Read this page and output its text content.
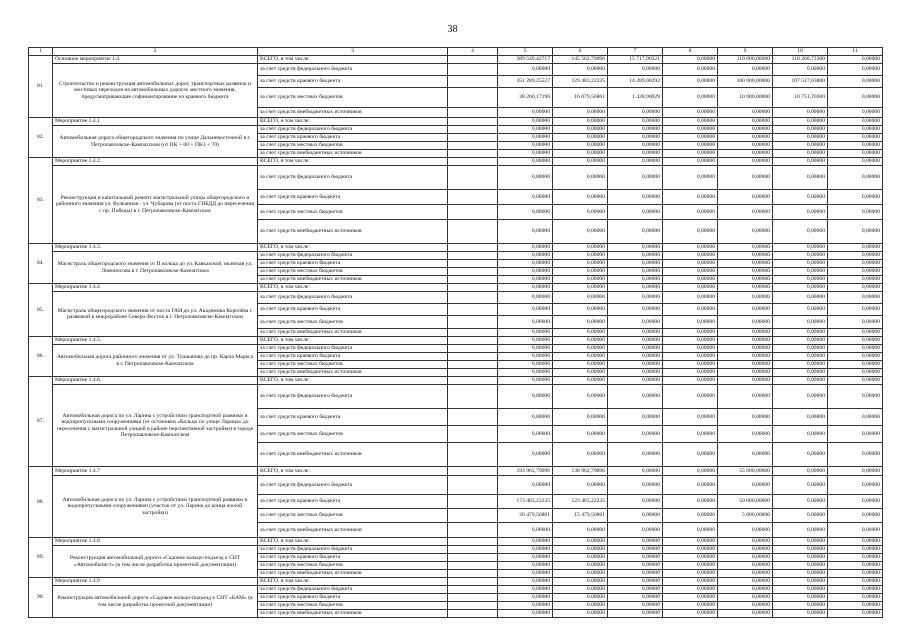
38
1	2	3	4	5	6	7	8	9	10	11
81.	Основное мероприятие 1.4.	ВСЕГО, в том числе:		389 549,42717	145 562,79096	15 717,90321	0,00000	110 000,00000	118 268,73300	0,00000
	Строительство и реконструкция автомобильных дорог, транспортных развязок и мостовых переходов на автомобильных дорогах местного значения, предусматривающие софинансирование из краевого бюджета	за счет средств федерального бюджета		0,00000	0,00000	0,00000	0,00000	0,00000	0,00000	0,00000
		за счет средств краевого бюджета		351 289,25527	129 483,22235	14 289,00292	0,00000	100 000,00000	107 517,03000	0,00000
		за счет средств местных бюджетов		38 260,17190	16 079,56861	1 428,90029	0,00000	10 000,00000	10 751,70300	0,00000
		за счет средств внебюджетных источников		0,00000	0,00000	0,00000	0,00000	0,00000	0,00000	0,00000
82.	Мероприятие 1.4.1	ВСЕГО, в том числе:		0,00000	0,00000	0,00000	0,00000	0,00000	0,00000	0,00000
	Автомобильная дорога общегородского значения по улице Дальневосточной в г. Петропавловске-Камчатском (от ПК + 00 + ПК3 + 70)	за счет средств федерального бюджета		0,00000	0,00000	0,00000	0,00000	0,00000	0,00000	0,00000
		за счет средств краевого бюджета		0,00000	0,00000	0,00000	0,00000	0,00000	0,00000	0,00000
		за счет средств местных бюджетов		0,00000	0,00000	0,00000	0,00000	0,00000	0,00000	0,00000
		за счет средств внебюджетных источников		0,00000	0,00000	0,00000	0,00000	0,00000	0,00000	0,00000
83.	Мероприятие 1.4.2.	ВСЕГО, в том числе:		0,00000	0,00000	0,00000	0,00000	0,00000	0,00000	0,00000
	Реконструкция и капитальный ремонт магистральной улицы общегородского и районного значения ул. Вулканная - ул. Чубарова (от поста ГИБДД до пересечения с пр. Победы) в г. Петропавловске-Камчатском	за счет средств федерального бюджета		0,00000	0,00000	0,00000	0,00000	0,00000	0,00000	0,00000
		за счет средств краевого бюджета		0,00000	0,00000	0,00000	0,00000	0,00000	0,00000	0,00000
		за счет средств местных бюджетов		0,00000	0,00000	0,00000	0,00000	0,00000	0,00000	0,00000
		за счет средств внебюджетных источников		0,00000	0,00000	0,00000	0,00000	0,00000	0,00000	0,00000
84.	Мероприятие 1.4.3.	ВСЕГО, в том числе:		0,00000	0,00000	0,00000	0,00000	0,00000	0,00000	0,00000
	Магистраль общегородского значения от П кольца до ул. Кавказской, включая ул. Ломоносова в г. Петропавловске-Камчатском	за счет средств федерального бюджета		0,00000	0,00000	0,00000	0,00000	0,00000	0,00000	0,00000
		за счет средств краевого бюджета		0,00000	0,00000	0,00000	0,00000	0,00000	0,00000	0,00000
		за счет средств местных бюджетов		0,00000	0,00000	0,00000	0,00000	0,00000	0,00000	0,00000
		за счет средств внебюджетных источников		0,00000	0,00000	0,00000	0,00000	0,00000	0,00000	0,00000
85.	Мероприятие 1.4.4	ВСЕГО, в том числе:		0,00000	0,00000	0,00000	0,00000	0,00000	0,00000	0,00000
	Магистраль общегородского значения от поста ГАИ до ул. Академика Королёва с развязкой в микрорайоне Северо-Восток в г. Петропавловске-Камчатском	за счет средств федерального бюджета		0,00000	0,00000	0,00000	0,00000	0,00000	0,00000	0,00000
		за счет средств краевого бюджета		0,00000	0,00000	0,00000	0,00000	0,00000	0,00000	0,00000
		за счет средств местных бюджетов		0,00000	0,00000	0,00000	0,00000	0,00000	0,00000	0,00000
		за счет средств внебюджетных источников		0,00000	0,00000	0,00000	0,00000	0,00000	0,00000	0,00000
86.	Мероприятие 1.4.5.	ВСЕГО, в том числе:		0,00000	0,00000	0,00000	0,00000	0,00000	0,00000	0,00000
	Автомобильная дорога районного значения от ул. Тушканова до пр. Карла Маркса в г. Петропавловске-Камчатском	за счет средств федерального бюджета		0,00000	0,00000	0,00000	0,00000	0,00000	0,00000	0,00000
		за счет средств краевого бюджета		0,00000	0,00000	0,00000	0,00000	0,00000	0,00000	0,00000
		за счет средств местных бюджетов		0,00000	0,00000	0,00000	0,00000	0,00000	0,00000	0,00000
		за счет средств внебюджетных источников		0,00000	0,00000	0,00000	0,00000	0,00000	0,00000	0,00000
87.	Мероприятие 1.4.6.	ВСЕГО, в том числе:		0,00000	0,00000	0,00000	0,00000	0,00000	0,00000	0,00000
	Автомобильная дорога по ул. Ларина с устройством транспортной развязки и водопропускными сооружениями (от остановки «Кольцо по улице Ларина» до пересечения с магистральной улицей в районе перспективной застройки) в городе Петропавловске-Камчатском	за счет средств федерального бюджета		0,00000	0,00000	0,00000	0,00000	0,00000	0,00000	0,00000
		за счет средств краевого бюджета		0,00000	0,00000	0,00000	0,00000	0,00000	0,00000	0,00000
		за счет средств местных бюджетов		0,00000	0,00000	0,00000	0,00000	0,00000	0,00000	0,00000
		за счет средств внебюджетных источников		0,00000	0,00000	0,00000	0,00000	0,00000	0,00000	0,00000
88.	Мероприятие 1.4.7	ВСЕГО, в том числе:		193 962,79096	138 962,79096	0,00000	0,00000	55 000,00000	0,00000	0,00000
	Автомобильная дорога по ул. Ларина с устройством транспортной развязки и водопропускными сооружениями (участок от ул. Ларина до конца жилой застройки)	за счет средств федерального бюджета		0,00000	0,00000	0,00000	0,00000	0,00000	0,00000	0,00000
		за счет средств краевого бюджета		173 483,22235	123 483,22235	0,00000	0,00000	50 000,00000	0,00000	0,00000
		за счет средств местных бюджетов		20 479,56861	15 479,56861	0,00000	0,00000	5 000,00000	0,00000	0,00000
		за счет средств внебюджетных источников		0,00000	0,00000	0,00000	0,00000	0,00000	0,00000	0,00000
89.	Мероприятие 1.4.8	ВСЕГО, в том числе:		0,00000	0,00000	0,00000	0,00000	0,00000	0,00000	0,00000
	Реконструкция автомобильной дороги «Садовое кольцо-подъезд к СНТ «Автомобилист» (в том числе разработка проектной документации)	за счет средств федерального бюджета		0,00000	0,00000	0,00000	0,00000	0,00000	0,00000	0,00000
		за счет средств краевого бюджета		0,00000	0,00000	0,00000	0,00000	0,00000	0,00000	0,00000
		за счет средств местных бюджетов		0,00000	0,00000	0,00000	0,00000	0,00000	0,00000	0,00000
		за счет средств внебюджетных источников		0,00000	0,00000	0,00000	0,00000	0,00000	0,00000	0,00000
90.	Мероприятие 1.4.9	ВСЕГО, в том числе:		0,00000	0,00000	0,00000	0,00000	0,00000	0,00000	0,00000
	Реконструкция автомобильной дороги «Садовое кольцо-подъезд к СНТ «БАМ» (в том числе разработка проектной документации)	за счет средств федерального бюджета		0,00000	0,00000	0,00000	0,00000	0,00000	0,00000	0,00000
		за счет средств краевого бюджета		0,00000	0,00000	0,00000	0,00000	0,00000	0,00000	0,00000
		за счет средств местных бюджетов		0,00000	0,00000	0,00000	0,00000	0,00000	0,00000	0,00000
		за счет средств внебюджетных источников		0,00000	0,00000	0,00000	0,00000	0,00000	0,00000	0,00000
